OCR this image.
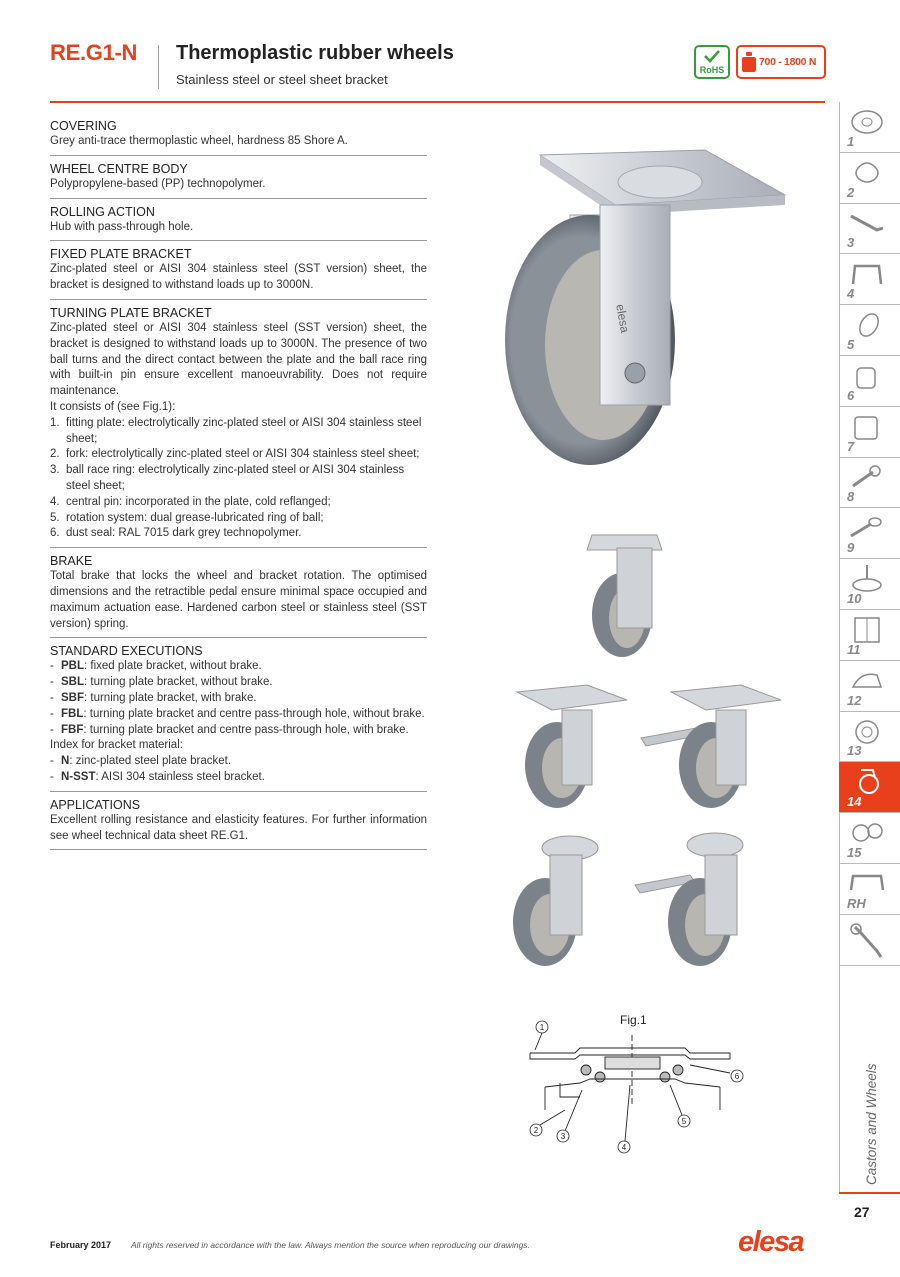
RE.G1-N Thermoplastic rubber wheels
Stainless steel or steel sheet bracket
RoHS
700 - 1800 N
COVERING
Grey anti-trace thermoplastic wheel, hardness 85 Shore A.
WHEEL CENTRE BODY
Polypropylene-based (PP) technopolymer.
ROLLING ACTION
Hub with pass-through hole.
FIXED PLATE BRACKET
Zinc-plated steel or AISI 304 stainless steel (SST version) sheet, the bracket is designed to withstand loads up to 3000N.
TURNING PLATE BRACKET
Zinc-plated steel or AISI 304 stainless steel (SST version) sheet, the bracket is designed to withstand loads up to 3000N. The presence of two ball turns and the direct contact between the plate and the ball race ring with built-in pin ensure excellent manoeuvrability. Does not require maintenance.
It consists of (see Fig.1):
1. fitting plate: electrolytically zinc-plated steel or AISI 304 stainless steel sheet;
2. fork: electrolytically zinc-plated steel or AISI 304 stainless steel sheet;
3. ball race ring: electrolytically zinc-plated steel or AISI 304 stainless steel sheet;
4. central pin: incorporated in the plate, cold reflanged;
5. rotation system: dual grease-lubricated ring of ball;
6. dust seal: RAL 7015 dark grey technopolymer.
BRAKE
Total brake that locks the wheel and bracket rotation. The optimised dimensions and the retractible pedal ensure minimal space occupied and maximum actuation ease. Hardened carbon steel or stainless steel (SST version) spring.
STANDARD EXECUTIONS
- PBL: fixed plate bracket, without brake.
- SBL: turning plate bracket, without brake.
- SBF: turning plate bracket, with brake.
- FBL: turning plate bracket and centre pass-through hole, without brake.
- FBF: turning plate bracket and centre pass-through hole, with brake.
Index for bracket material:
- N: zinc-plated steel plate bracket.
- N-SST: AISI 304 stainless steel bracket.
APPLICATIONS
Excellent rolling resistance and elasticity features. For further information see wheel technical data sheet RE.G1.
elesa
Fig.1
1
2
3
4
5
6
1
2
3
4
5
6
7
8
9
10
11
12
13
14
15
RH
Castors and Wheels
27
February 2017 All rights reserved in accordance with the law. Always mention the source when reproducing our drawings.	elesa
